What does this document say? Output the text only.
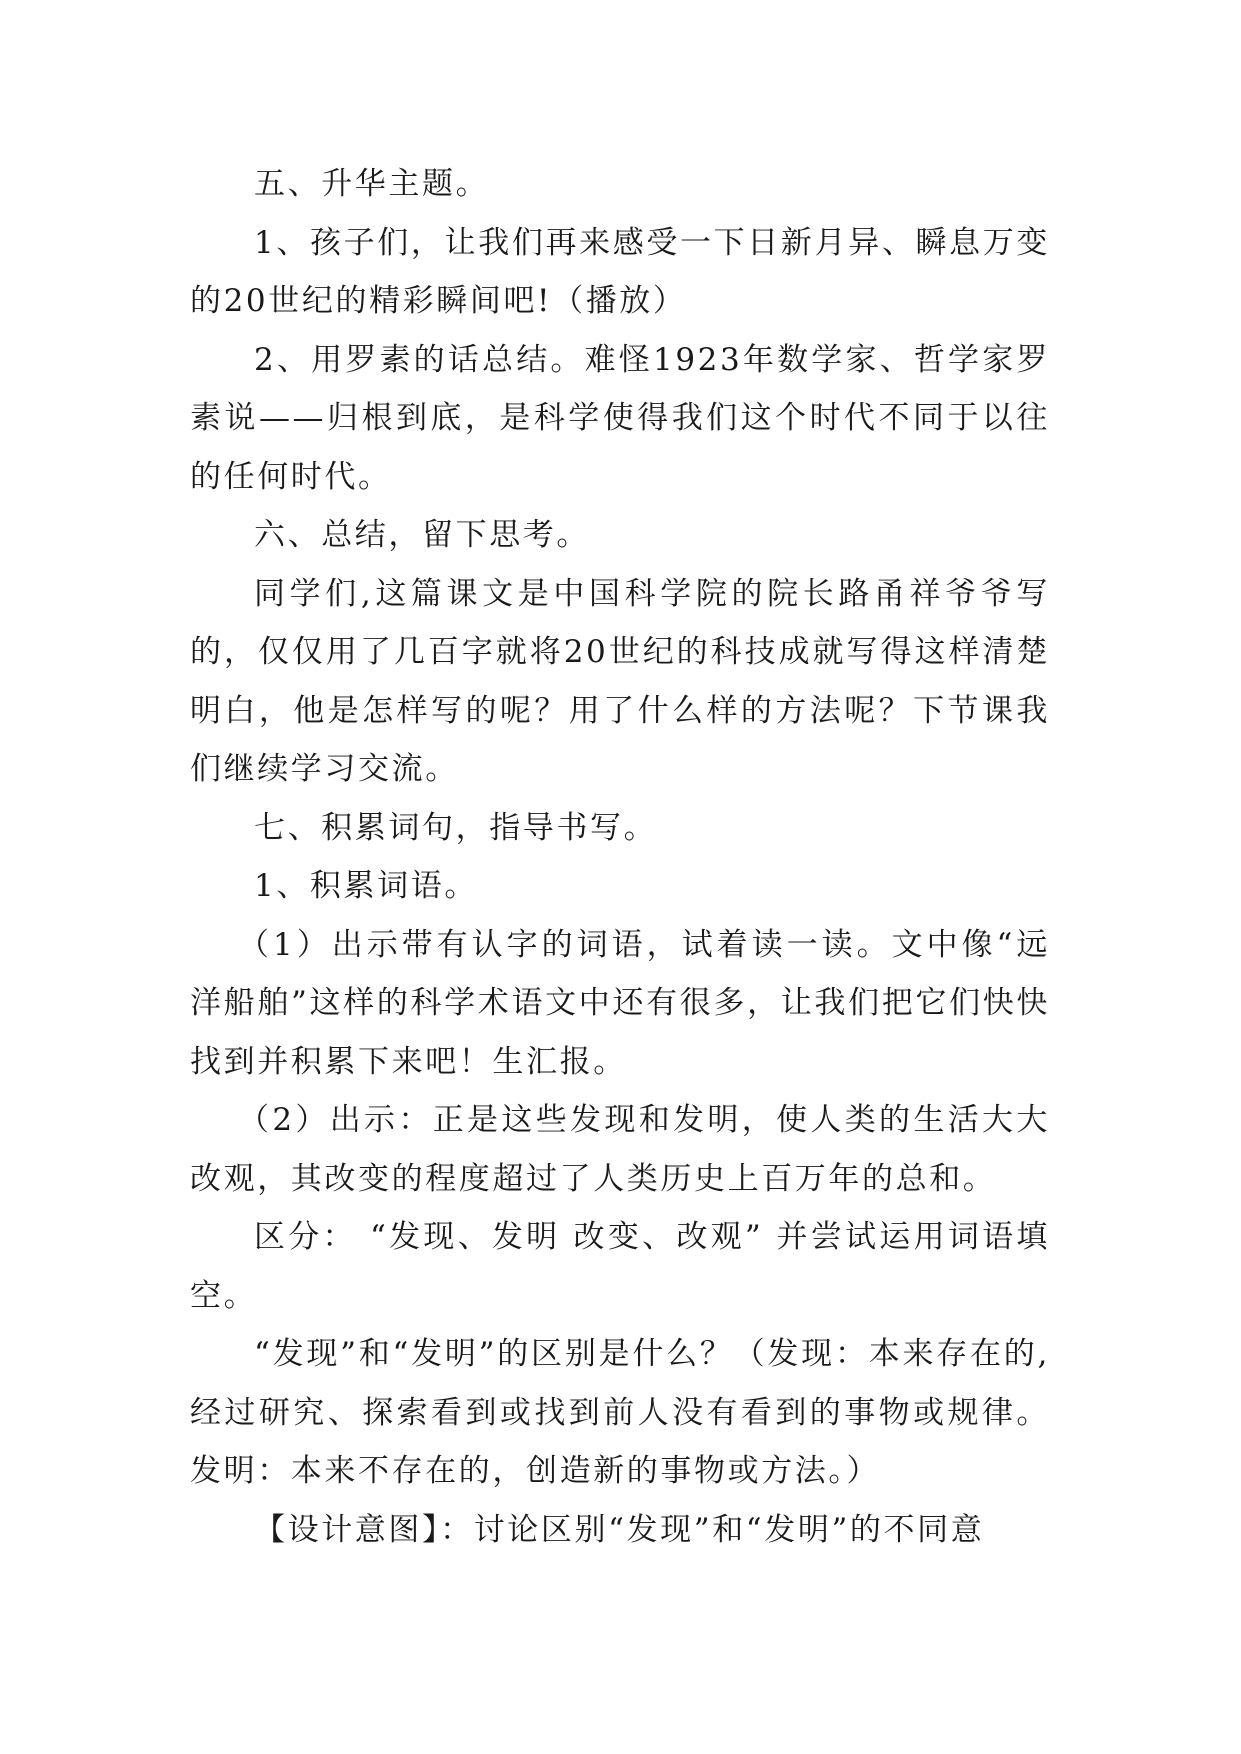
五、升华主题。

1、孩子们，让我们再来感受一下日新月异、瞬息万变的20世纪的精彩瞬间吧!（播放）

2、用罗素的话总结。难怪1923年数学家、哲学家罗素说——归根到底，是科学使得我们这个时代不同于以往的任何时代。

六、总结，留下思考。

同学们,这篇课文是中国科学院的院长路甬祥爷爷写的，仅仅用了几百字就将20世纪的科技成就写得这样清楚明白，他是怎样写的呢？用了什么样的方法呢？下节课我们继续学习交流。

七、积累词句，指导书写。

1、积累词语。

（1）出示带有认字的词语，试着读一读。文中像“远洋船舶”这样的科学术语文中还有很多，让我们把它们快快找到并积累下来吧！生汇报。

（2）出示：正是这些发现和发明，使人类的生活大大改观，其改变的程度超过了人类历史上百万年的总和。

区分： “发现、发明 改变、改观” 并尝试运用词语填空。

“发现”和“发明”的区别是什么？（发现：本来存在的,经过研究、探索看到或找到前人没有看到的事物或规律。发明：本来不存在的，创造新的事物或方法。）

【设计意图】：讨论区别“发现”和“发明”的不同意
